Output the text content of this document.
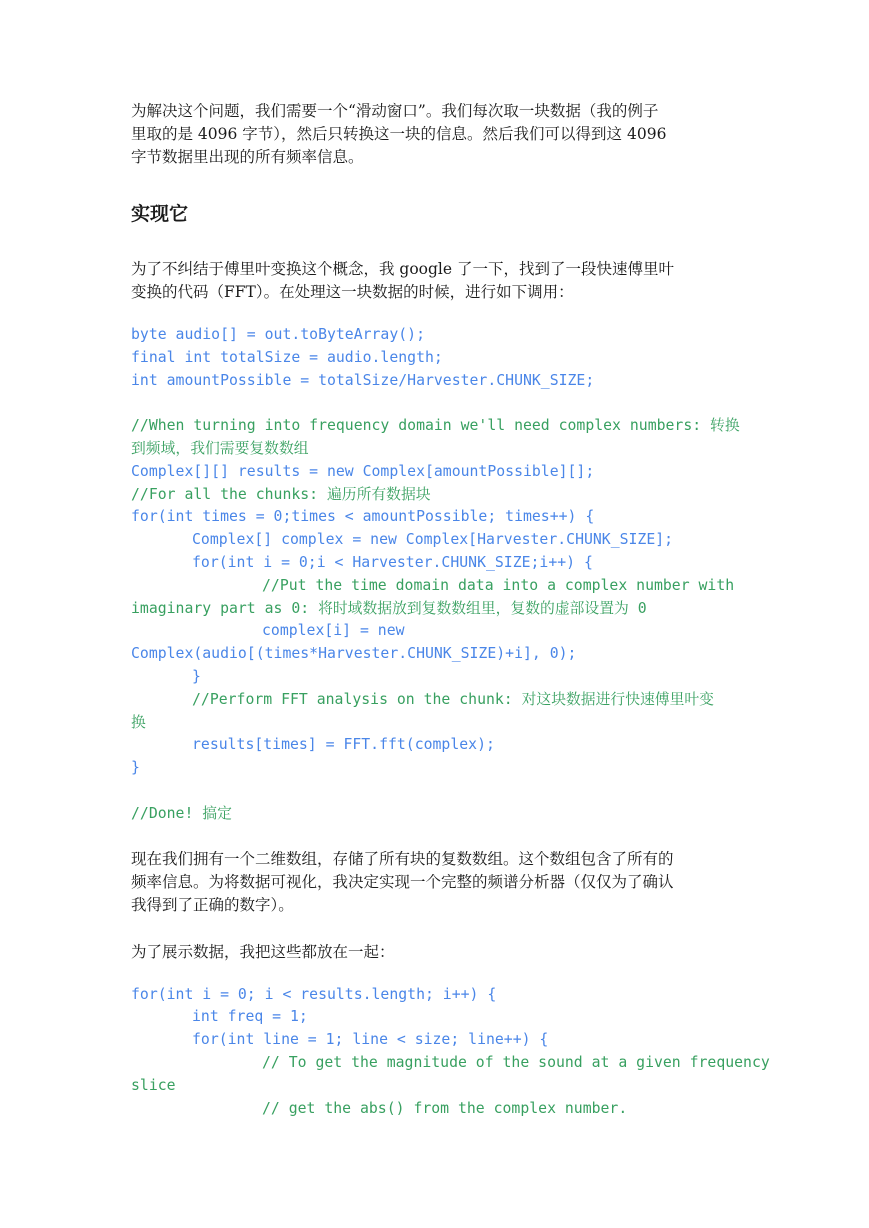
为解决这个问题，我们需要一个“滑动窗口”。我们每次取一块数据（我的例子
里取的是 4096 字节），然后只转换这一块的信息。然后我们可以得到这 4096
字节数据里出现的所有频率信息。

实现它

为了不纠结于傅里叶变换这个概念，我 google 了一下，找到了一段快速傅里叶
变换的代码（FFT）。在处理这一块数据的时候，进行如下调用：

byte audio[] = out.toByteArray();
final int totalSize = audio.length;
int amountPossible = totalSize/Harvester.CHUNK_SIZE;
//When turning into frequency domain we'll need complex numbers: 转换
到频域，我们需要复数数组
Complex[][] results = new Complex[amountPossible][];
//For all the chunks: 遍历所有数据块
for(int times = 0;times < amountPossible; times++) {
Complex[] complex = new Complex[Harvester.CHUNK_SIZE];
for(int i = 0;i < Harvester.CHUNK_SIZE;i++) {
//Put the time domain data into a complex number with
imaginary part as 0: 将时域数据放到复数数组里，复数的虚部设置为 0
complex[i] = new
Complex(audio[(times*Harvester.CHUNK_SIZE)+i], 0);
}
//Perform FFT analysis on the chunk: 对这块数据进行快速傅里叶变
换
results[times] = FFT.fft(complex);
}
//Done! 搞定

现在我们拥有一个二维数组，存储了所有块的复数数组。这个数组包含了所有的
频率信息。为将数据可视化，我决定实现一个完整的频谱分析器（仅仅为了确认
我得到了正确的数字）。

为了展示数据，我把这些都放在一起：

for(int i = 0; i < results.length; i++) {
int freq = 1;
for(int line = 1; line < size; line++) {
// To get the magnitude of the sound at a given frequency
slice
// get the abs() from the complex number.
